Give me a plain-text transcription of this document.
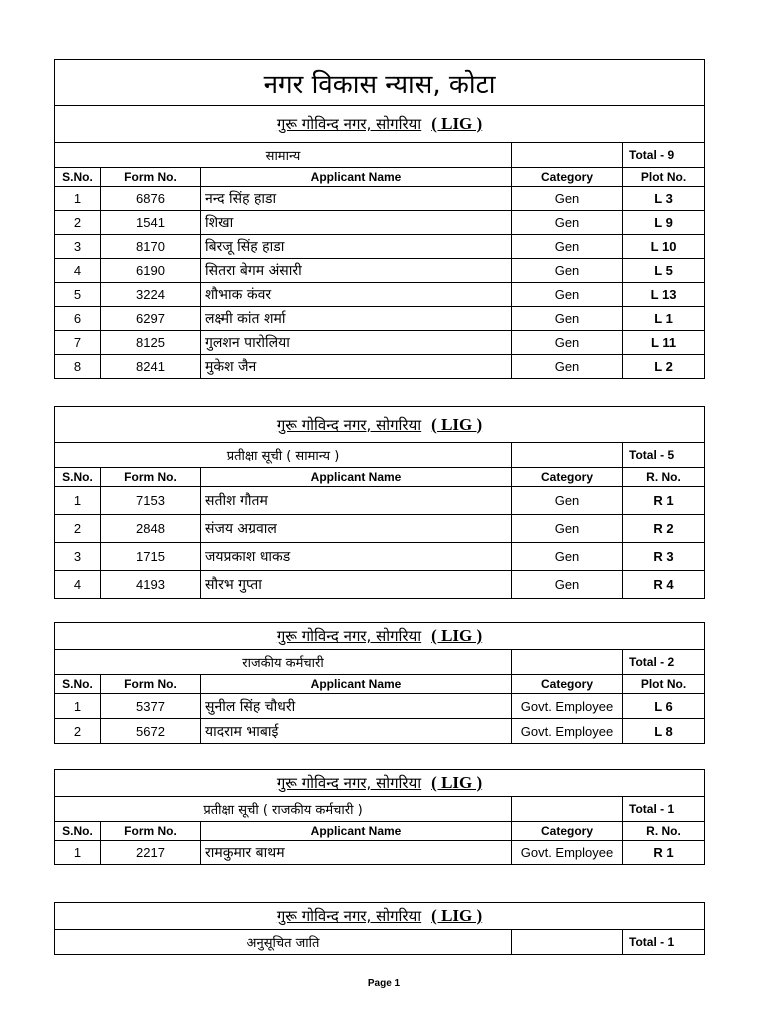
नगर विकास न्यास, कोटा				
गुरू गोविन्द नगर, सोगरिया ( LIG )				
सामान्य				Total - 9
S.No.	Form No.	Applicant Name	Category	Plot No.
1	6876	नन्द सिंह हाडा	Gen	L 3
2	1541	शिखा	Gen	L 9
3	8170	बिरजू सिंह हाडा	Gen	L 10
4	6190	सितरा बेगम अंसारी	Gen	L 5
5	3224	शौभाक कंवर	Gen	L 13
6	6297	लक्ष्मी कांत शर्मा	Gen	L 1
7	8125	गुलशन पारोलिया	Gen	L 11
8	8241	मुकेश जैन	Gen	L 2
गुरू गोविन्द नगर, सोगरिया ( LIG )				
प्रतीक्षा सूची ( सामान्य )				Total - 5
S.No.	Form No.	Applicant Name	Category	R. No.
1	7153	सतीश गौतम	Gen	R 1
2	2848	संजय अग्रवाल	Gen	R 2
3	1715	जयप्रकाश धाकड	Gen	R 3
4	4193	सौरभ गुप्ता	Gen	R 4
गुरू गोविन्द नगर, सोगरिया ( LIG )				
राजकीय कर्मचारी				Total - 2
S.No.	Form No.	Applicant Name	Category	Plot No.
1	5377	सुनील सिंह चौधरी	Govt. Employee	L 6
2	5672	यादराम भाबाई	Govt. Employee	L 8
गुरू गोविन्द नगर, सोगरिया ( LIG )				
प्रतीक्षा सूची ( राजकीय कर्मचारी )				Total - 1
S.No.	Form No.	Applicant Name	Category	R. No.
1	2217	रामकुमार बाथम	Govt. Employee	R 1
गुरू गोविन्द नगर, सोगरिया ( LIG )
अनुसूचित जाति		Total - 1
Page 1
